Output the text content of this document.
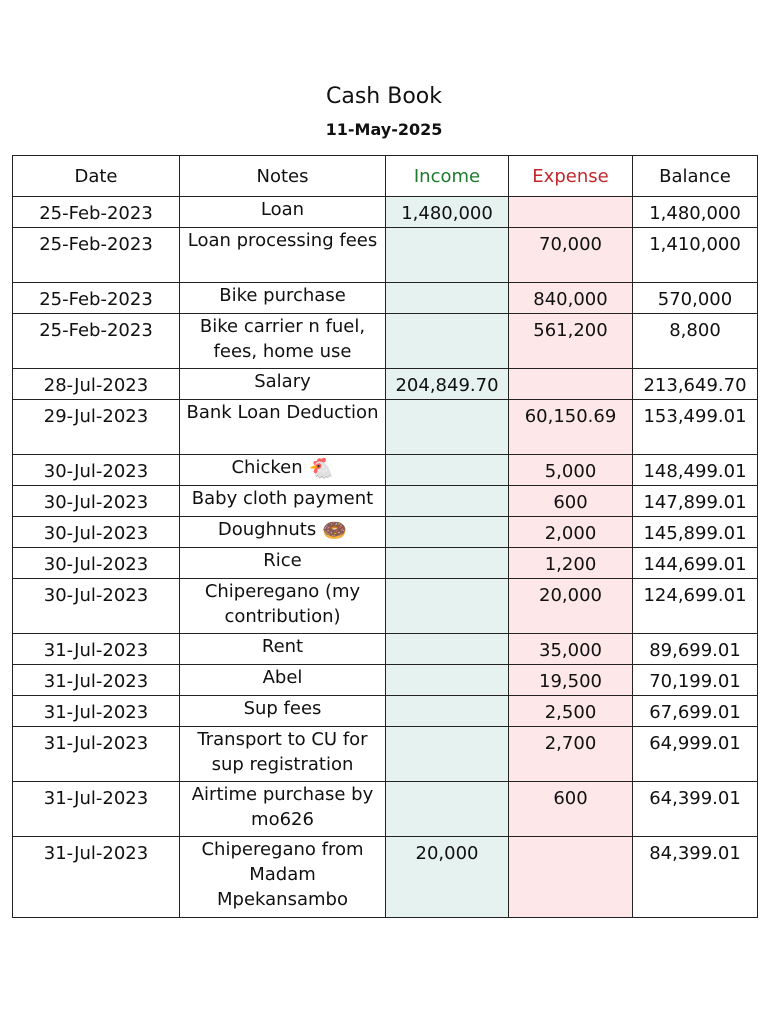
Cash Book
11-May-2025
Date	Notes	Income	Expense	Balance
25-Feb-2023	Loan	1,480,000		1,480,000
25-Feb-2023	Loan processing fees		70,000	1,410,000
25-Feb-2023	Bike purchase		840,000	570,000
25-Feb-2023	Bike carrier n fuel, fees, home use		561,200	8,800
28-Jul-2023	Salary	204,849.70		213,649.70
29-Jul-2023	Bank Loan Deduction		60,150.69	153,499.01
30-Jul-2023	Chicken 🐔		5,000	148,499.01
30-Jul-2023	Baby cloth payment		600	147,899.01
30-Jul-2023	Doughnuts 🍩		2,000	145,899.01
30-Jul-2023	Rice		1,200	144,699.01
30-Jul-2023	Chiperegano (my contribution)		20,000	124,699.01
31-Jul-2023	Rent		35,000	89,699.01
31-Jul-2023	Abel		19,500	70,199.01
31-Jul-2023	Sup fees		2,500	67,699.01
31-Jul-2023	Transport to CU for sup registration		2,700	64,999.01
31-Jul-2023	Airtime purchase by mo626		600	64,399.01
31-Jul-2023	Chiperegano from Madam Mpekansambo	20,000		84,399.01
